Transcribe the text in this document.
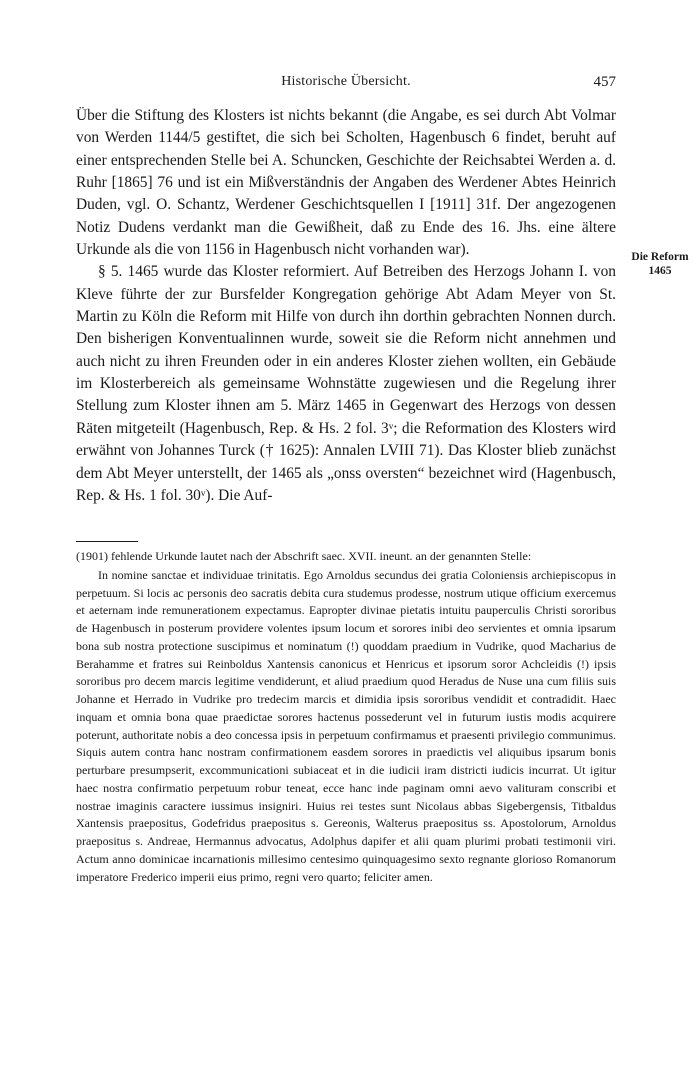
Historische Übersicht.	457

Über die Stiftung des Klosters ist nichts bekannt (die Angabe, es sei durch Abt Volmar von Werden 1144/5 gestiftet, die sich bei Scholten, Hagenbusch 6 findet, beruht auf einer entsprechenden Stelle bei A. Schuncken, Geschichte der Reichsabtei Werden a. d. Ruhr [1865] 76 und ist ein Mißverständnis der Angaben des Werdener Abtes Heinrich Duden, vgl. O. Schantz, Werdener Geschichtsquellen I [1911] 31f. Der angezogenen Notiz Dudens verdankt man die Gewißheit, daß zu Ende des 16. Jhs. eine ältere Urkunde als die von 1156 in Hagenbusch nicht vorhanden war).

§ 5. 1465 wurde das Kloster reformiert. Auf Betreiben des Herzogs Johann I. von Kleve führte der zur Bursfelder Kongregation gehörige Abt Adam Meyer von St. Martin zu Köln die Reform mit Hilfe von durch ihn dorthin gebrachten Nonnen durch. Den bisherigen Konventualinnen wurde, soweit sie die Reform nicht annehmen und auch nicht zu ihren Freunden oder in ein anderes Kloster ziehen wollten, ein Gebäude im Klosterbereich als gemeinsame Wohnstätte zugewiesen und die Regelung ihrer Stellung zum Kloster ihnen am 5. März 1465 in Gegenwart des Herzogs von dessen Räten mitgeteilt (Hagenbusch, Rep. & Hs. 2 fol. 3ᵛ; die Reformation des Klosters wird erwähnt von Johannes Turck († 1625): Annalen LVIII 71). Das Kloster blieb zunächst dem Abt Meyer unterstellt, der 1465 als „onss oversten“ bezeichnet wird (Hagenbusch, Rep. & Hs. 1 fol. 30ᵛ). Die Auf-

Die Reform
1465

(1901) fehlende Urkunde lautet nach der Abschrift saec. XVII. ineunt. an der genannten Stelle:

In nomine sanctae et individuae trinitatis. Ego Arnoldus secundus dei gratia Coloniensis archiepiscopus in perpetuum. Si locis ac personis deo sacratis debita cura studemus prodesse, nostrum utique officium exercemus et aeternam inde remunerationem expectamus. Eapropter divinae pietatis intuitu pauperculis Christi sororibus de Hagenbusch in posterum providere volentes ipsum locum et sorores inibi deo servientes et omnia ipsarum bona sub nostra protectione suscipimus et nominatum (!) quoddam praedium in Vudrike, quod Macharius de Berahamme et fratres sui Reinboldus Xantensis canonicus et Henricus et ipsorum soror Achcleidis (!) ipsis sororibus pro decem marcis legitime vendiderunt, et aliud praedium quod Heradus de Nuse una cum filiis suis Johanne et Herrado in Vudrike pro tredecim marcis et dimidia ipsis sororibus vendidit et contradidit. Haec inquam et omnia bona quae praedictae sorores hactenus possederunt vel in futurum iustis modis acquirere poterunt, authoritate nobis a deo concessa ipsis in perpetuum confirmamus et praesenti privilegio communimus. Siquis autem contra hanc nostram confirmationem easdem sorores in praedictis vel aliquibus ipsarum bonis perturbare presumpserit, excommunicationi subiaceat et in die iudicii iram districti iudicis incurrat. Ut igitur haec nostra confirmatio perpetuum robur teneat, ecce hanc inde paginam omni aevo valituram conscribi et nostrae imaginis caractere iussimus insigniri. Huius rei testes sunt Nicolaus abbas Sigebergensis, Titbaldus Xantensis praepositus, Godefridus praepositus s. Gereonis, Walterus praepositus ss. Apostolorum, Arnoldus praepositus s. Andreae, Hermannus advocatus, Adolphus dapifer et alii quam plurimi probati testimonii viri. Actum anno dominicae incarnationis millesimo centesimo quinquagesimo sexto regnante glorioso Romanorum imperatore Frederico imperii eius primo, regni vero quarto; feliciter amen.
